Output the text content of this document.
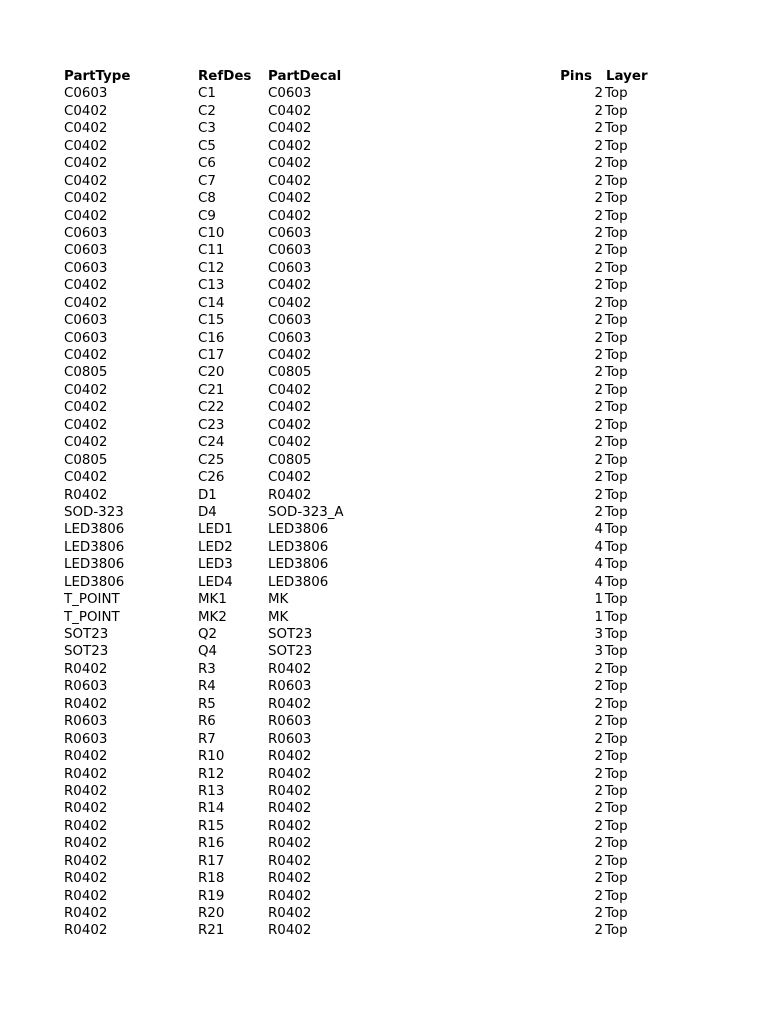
PartType	RefDes PartDecal	Pins Layer
C0603	C1	C0603	2 Top
C0402	C2	C0402	2 Top
C0402	C3	C0402	2 Top
C0402	C5	C0402	2 Top
C0402	C6	C0402	2 Top
C0402	C7	C0402	2 Top
C0402	C8	C0402	2 Top
C0402	C9	C0402	2 Top
C0603	C10	C0603	2 Top
C0603	C11	C0603	2 Top
C0603	C12	C0603	2 Top
C0402	C13	C0402	2 Top
C0402	C14	C0402	2 Top
C0603	C15	C0603	2 Top
C0603	C16	C0603	2 Top
C0402	C17	C0402	2 Top
C0805	C20	C0805	2 Top
C0402	C21	C0402	2 Top
C0402	C22	C0402	2 Top
C0402	C23	C0402	2 Top
C0402	C24	C0402	2 Top
C0805	C25	C0805	2 Top
C0402	C26	C0402	2 Top
R0402	D1	R0402	2 Top
SOD-323	D4	SOD-323_A	2 Top
LED3806	LED1	LED3806	4 Top
LED3806	LED2	LED3806	4 Top
LED3806	LED3	LED3806	4 Top
LED3806	LED4	LED3806	4 Top
T_POINT	MK1	MK	1 Top
T_POINT	MK2	MK	1 Top
SOT23	Q2	SOT23	3 Top
SOT23	Q4	SOT23	3 Top
R0402	R3	R0402	2 Top
R0603	R4	R0603	2 Top
R0402	R5	R0402	2 Top
R0603	R6	R0603	2 Top
R0603	R7	R0603	2 Top
R0402	R10	R0402	2 Top
R0402	R12	R0402	2 Top
R0402	R13	R0402	2 Top
R0402	R14	R0402	2 Top
R0402	R15	R0402	2 Top
R0402	R16	R0402	2 Top
R0402	R17	R0402	2 Top
R0402	R18	R0402	2 Top
R0402	R19	R0402	2 Top
R0402	R20	R0402	2 Top
R0402	R21	R0402	2 Top
